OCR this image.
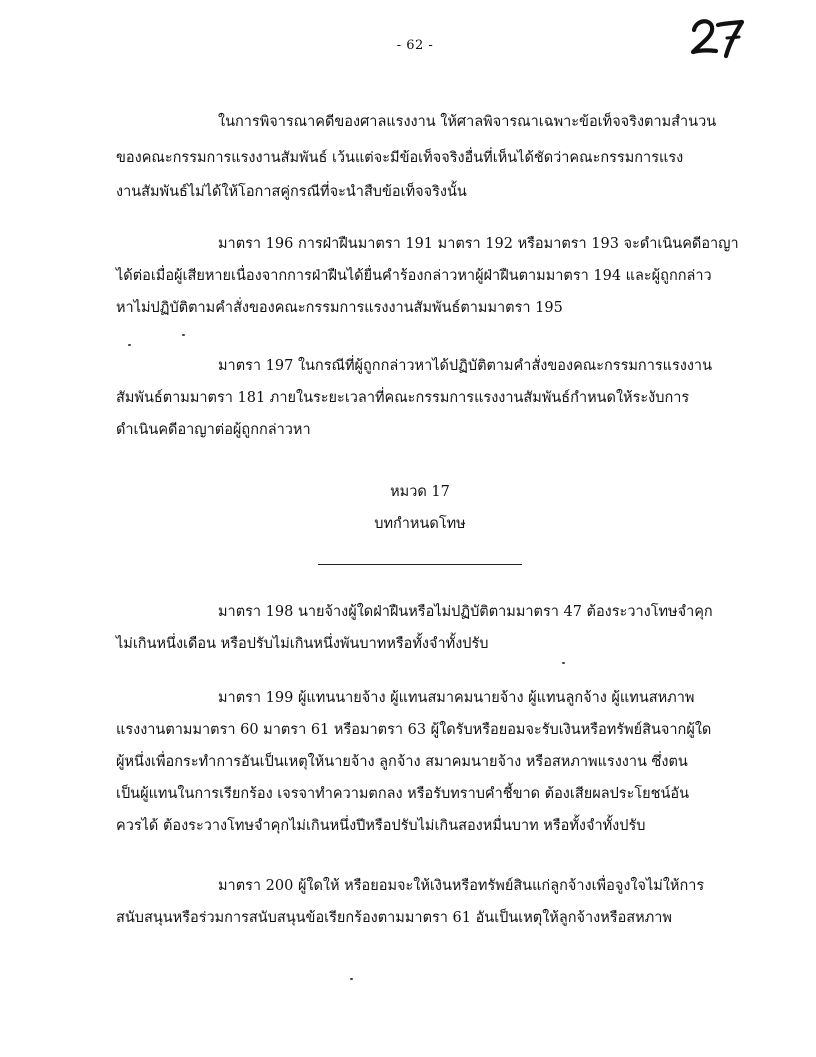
- 62 -
ในการพิจารณาคดีของศาลแรงงาน ให้ศาลพิจารณาเฉพาะข้อเท็จจริงตามสำนวน
ของคณะกรรมการแรงงานสัมพันธ์ เว้นแต่จะมีข้อเท็จจริงอื่นที่เห็นได้ชัดว่าคณะกรรมการแรง
งานสัมพันธ์ไม่ได้ให้โอกาสคู่กรณีที่จะนำสืบข้อเท็จจริงนั้น
มาตรา 196 การฝ่าฝืนมาตรา 191 มาตรา 192 หรือมาตรา 193 จะดำเนินคดีอาญา
ได้ต่อเมื่อผู้เสียหายเนื่องจากการฝ่าฝืนได้ยื่นคำร้องกล่าวหาผู้ฝ่าฝืนตามมาตรา 194 และผู้ถูกกล่าว
หาไม่ปฏิบัติตามคำสั่งของคณะกรรมการแรงงานสัมพันธ์ตามมาตรา 195
มาตรา 197 ในกรณีที่ผู้ถูกกล่าวหาได้ปฏิบัติตามคำสั่งของคณะกรรมการแรงงาน
สัมพันธ์ตามมาตรา 181 ภายในระยะเวลาที่คณะกรรมการแรงงานสัมพันธ์กำหนดให้ระงับการ
ดำเนินคดีอาญาต่อผู้ถูกกล่าวหา
หมวด 17
บทกำหนดโทษ
มาตรา 198 นายจ้างผู้ใดฝ่าฝืนหรือไม่ปฏิบัติตามมาตรา 47 ต้องระวางโทษจำคุก
ไม่เกินหนึ่งเดือน หรือปรับไม่เกินหนึ่งพันบาทหรือทั้งจำทั้งปรับ
มาตรา 199 ผู้แทนนายจ้าง ผู้แทนสมาคมนายจ้าง ผู้แทนลูกจ้าง ผู้แทนสหภาพ
แรงงานตามมาตรา 60 มาตรา 61 หรือมาตรา 63 ผู้ใดรับหรือยอมจะรับเงินหรือทรัพย์สินจากผู้ใด
ผู้หนึ่งเพื่อกระทำการอันเป็นเหตุให้นายจ้าง ลูกจ้าง สมาคมนายจ้าง หรือสหภาพแรงงาน ซึ่งตน
เป็นผู้แทนในการเรียกร้อง เจรจาทำความตกลง หรือรับทราบคำชี้ขาด ต้องเสียผลประโยชน์อัน
ควรได้ ต้องระวางโทษจำคุกไม่เกินหนึ่งปีหรือปรับไม่เกินสองหมื่นบาท หรือทั้งจำทั้งปรับ
มาตรา 200 ผู้ใดให้ หรือยอมจะให้เงินหรือทรัพย์สินแก่ลูกจ้างเพื่อจูงใจไม่ให้การ
สนับสนุนหรือร่วมการสนับสนุนข้อเรียกร้องตามมาตรา 61 อันเป็นเหตุให้ลูกจ้างหรือสหภาพ
